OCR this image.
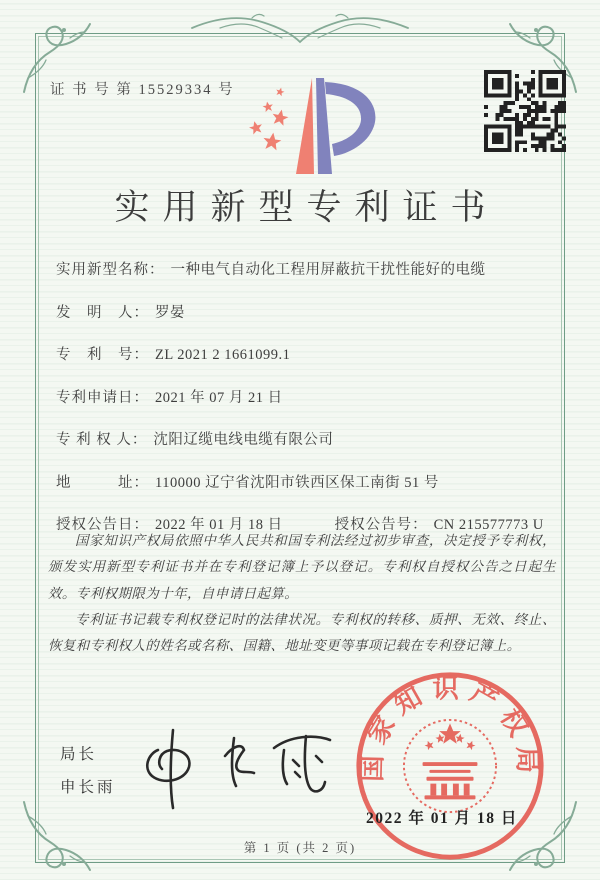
证 书 号 第 15529334 号
实用新型专利证书
实用新型名称： 一种电气自动化工程用屏蔽抗干扰性能好的电缆
发　明　人： 罗晏
专　利　号： ZL 2021 2 1661099.1
专利申请日： 2021 年 07 月 21 日
专 利 权 人： 沈阳辽缆电线电缆有限公司
地　　　址： 110000 辽宁省沈阳市铁西区保工南街 51 号
授权公告日： 2022 年 01 月 18 日	授权公告号： CN 215577773 U

国家知识产权局依照中华人民共和国专利法经过初步审查，决定授予专利权，颁发实用新型专利证书并在专利登记簿上予以登记。专利权自授权公告之日起生效。专利权期限为十年，自申请日起算。

专利证书记载专利权登记时的法律状况。专利权的转移、质押、无效、终止、恢复和专利权人的姓名或名称、国籍、地址变更等事项记载在专利登记簿上。

局长
申长雨
国家知识产权局
2022 年 01 月 18 日
第 1 页 (共 2 页)
